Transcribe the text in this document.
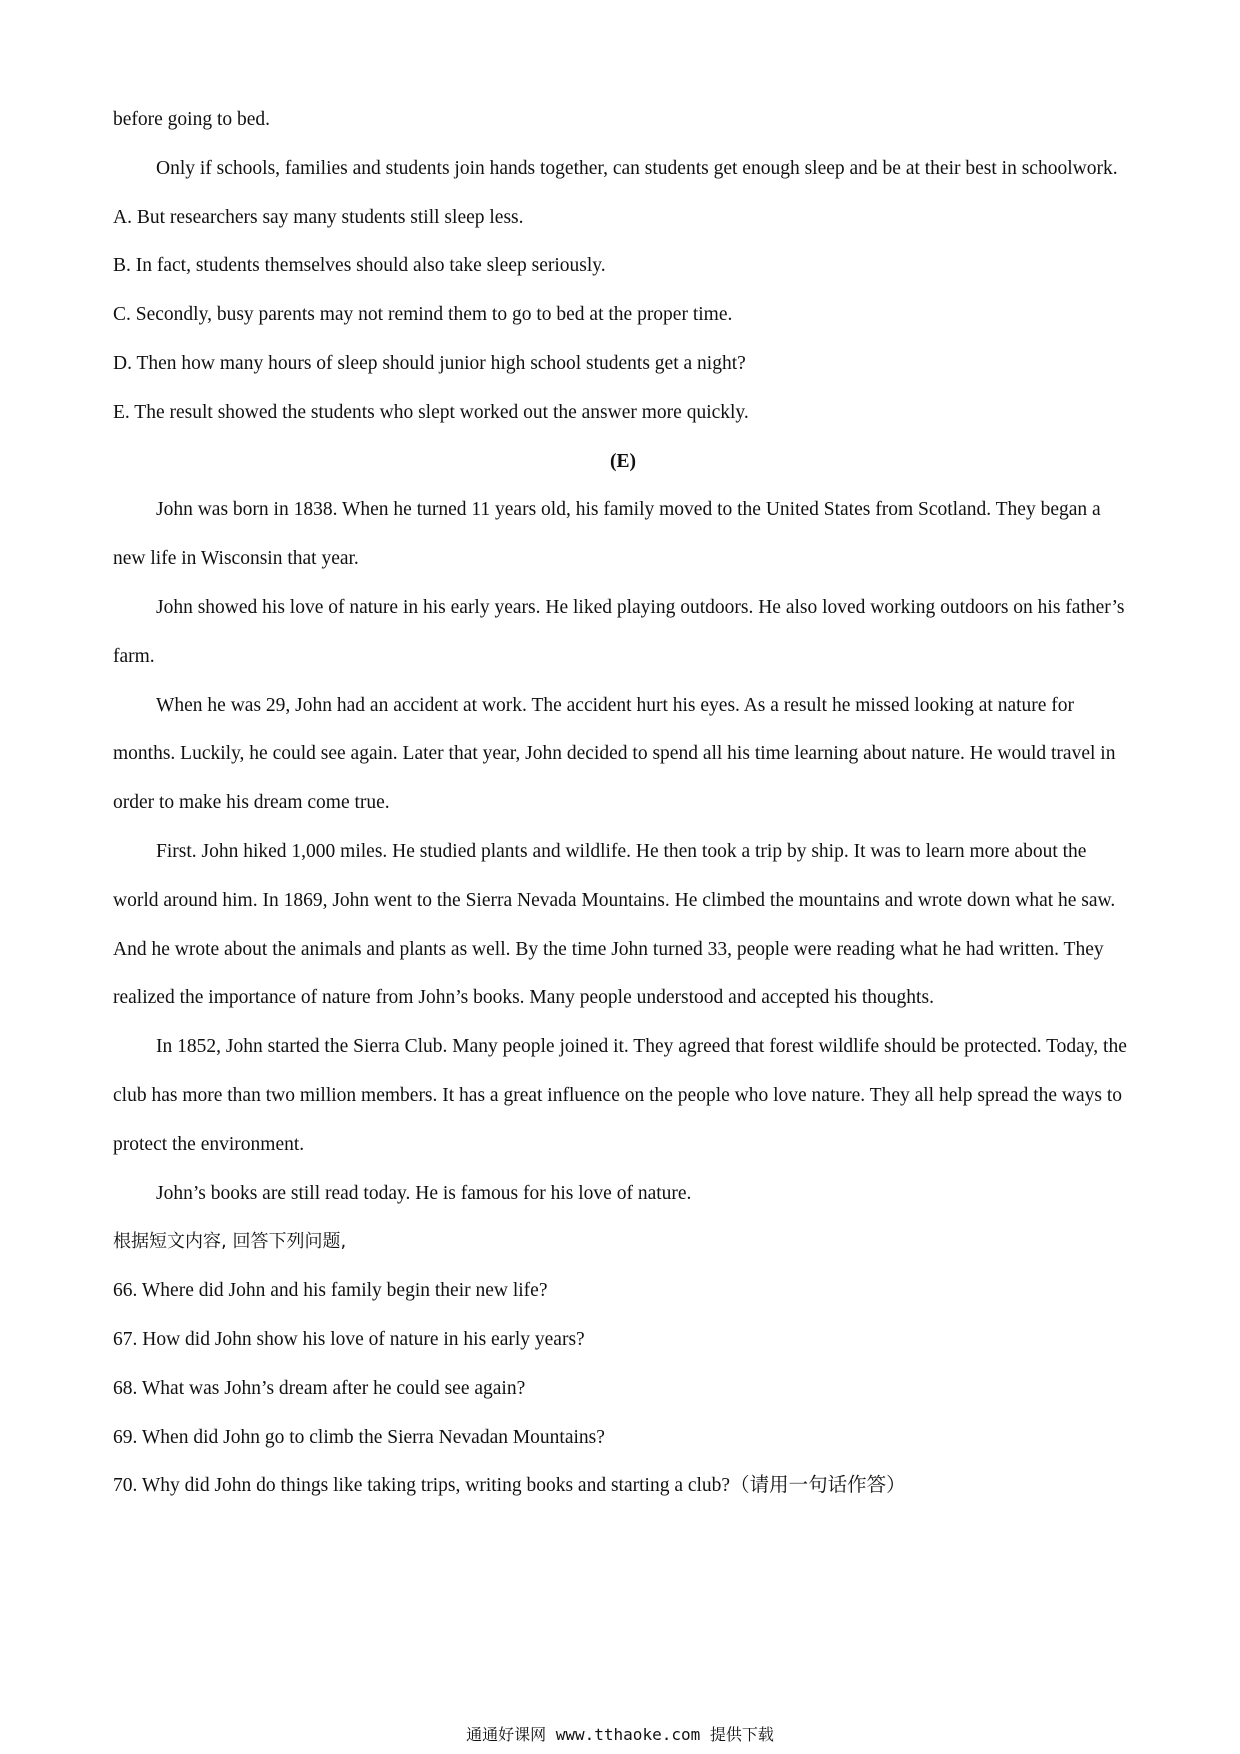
before going to bed.

Only if schools, families and students join hands together, can students get enough sleep and be at their best in schoolwork.

A. But researchers say many students still sleep less.
B. In fact, students themselves should also take sleep seriously.
C. Secondly, busy parents may not remind them to go to bed at the proper time.
D. Then how many hours of sleep should junior high school students get a night?
E. The result showed the students who slept worked out the answer more quickly.
(E)

John was born in 1838. When he turned 11 years old, his family moved to the United States from Scotland. They began a new life in Wisconsin that year.

John showed his love of nature in his early years. He liked playing outdoors. He also loved working outdoors on his father’s farm.

When he was 29, John had an accident at work. The accident hurt his eyes. As a result he missed looking at nature for months. Luckily, he could see again. Later that year, John decided to spend all his time learning about nature. He would travel in order to make his dream come true.

First. John hiked 1,000 miles. He studied plants and wildlife. He then took a trip by ship. It was to learn more about the world around him. In 1869, John went to the Sierra Nevada Mountains. He climbed the mountains and wrote down what he saw. And he wrote about the animals and plants as well. By the time John turned 33, people were reading what he had written. They realized the importance of nature from John’s books. Many people understood and accepted his thoughts.

In 1852, John started the Sierra Club. Many people joined it. They agreed that forest wildlife should be protected. Today, the club has more than two million members. It has a great influence on the people who love nature. They all help spread the ways to protect the environment.

John’s books are still read today. He is famous for his love of nature.

根据短文内容, 回答下列问题,
66. Where did John and his family begin their new life?
67. How did John show his love of nature in his early years?
68. What was John’s dream after he could see again?
69. When did John go to climb the Sierra Nevadan Mountains?
70. Why did John do things like taking trips, writing books and starting a club?（请用一句话作答）
通通好课网 www.tthaoke.com 提供下载
